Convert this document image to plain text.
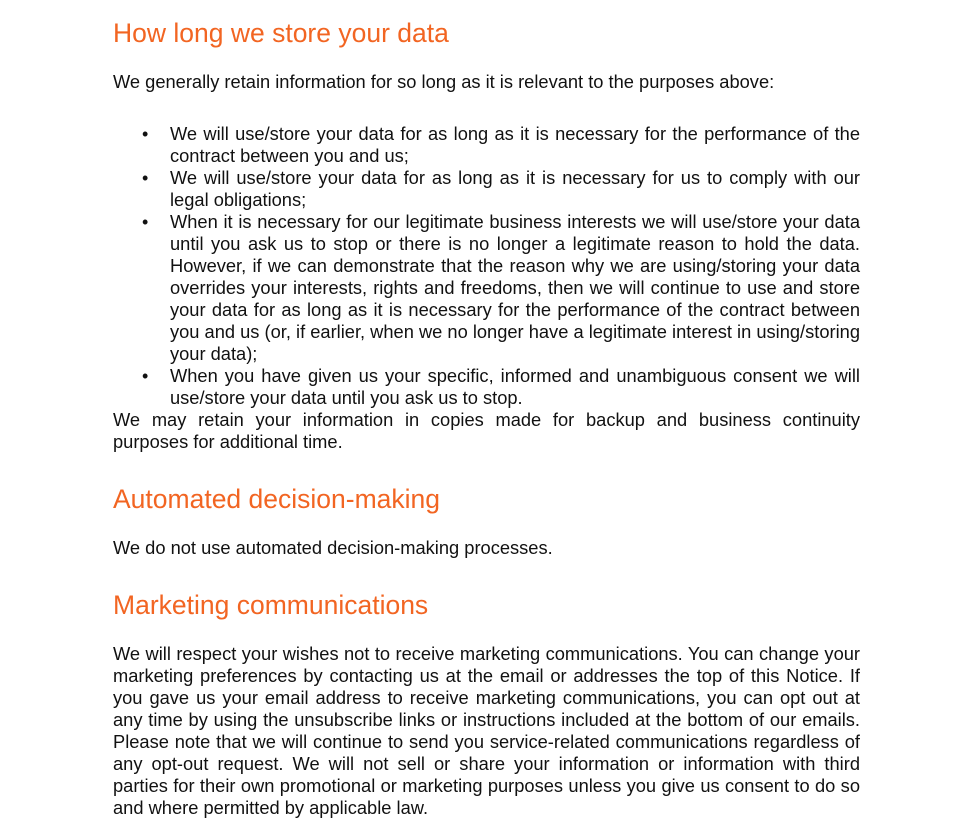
How long we store your data

We generally retain information for so long as it is relevant to the purposes above:

• We will use/store your data for as long as it is necessary for the performance of the contract between you and us;
• We will use/store your data for as long as it is necessary for us to comply with our legal obligations;
• When it is necessary for our legitimate business interests we will use/store your data until you ask us to stop or there is no longer a legitimate reason to hold the data. However, if we can demonstrate that the reason why we are using/storing your data overrides your interests, rights and freedoms, then we will continue to use and store your data for as long as it is necessary for the performance of the contract between you and us (or, if earlier, when we no longer have a legitimate interest in using/storing your data);
• When you have given us your specific, informed and unambiguous consent we will use/store your data until you ask us to stop.

We may retain your information in copies made for backup and business continuity purposes for additional time.

Automated decision-making

We do not use automated decision-making processes.

Marketing communications

We will respect your wishes not to receive marketing communications. You can change your marketing preferences by contacting us at the email or addresses the top of this Notice. If you gave us your email address to receive marketing communications, you can opt out at any time by using the unsubscribe links or instructions included at the bottom of our emails. Please note that we will continue to send you service-related communications regardless of any opt-out request. We will not sell or share your information or information with third parties for their own promotional or marketing purposes unless you give us consent to do so and where permitted by applicable law.
